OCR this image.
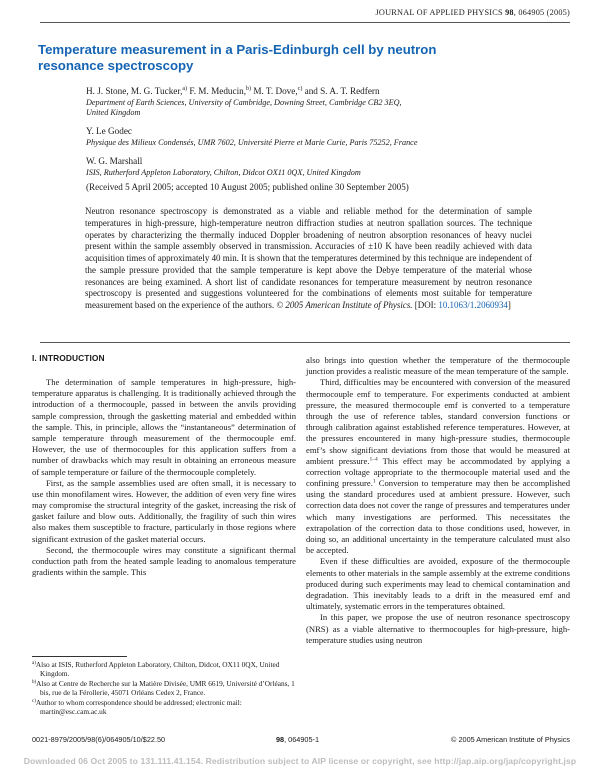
JOURNAL OF APPLIED PHYSICS 98, 064905 (2005)
Temperature measurement in a Paris-Edinburgh cell by neutron
resonance spectroscopy
H. J. Stone, M. G. Tucker,$^{a)}$ F. M. Meducin,$^{b)}$ M. T. Dove,$^{c)}$ and S. A. T. Redfern
Department of Earth Sciences, University of Cambridge, Downing Street, Cambridge CB2 3EQ,
United Kingdom
Y. Le Godec
Physique des Milieux Condensés, UMR 7602, Université Pierre et Marie Curie, Paris 75252, France
W. G. Marshall
ISIS, Rutherford Appleton Laboratory, Chilton, Didcot OX11 0QX, United Kingdom
(Received 5 April 2005; accepted 10 August 2005; published online 30 September 2005)
Neutron resonance spectroscopy is demonstrated as a viable and reliable method for the determination of sample temperatures in high-pressure, high-temperature neutron diffraction studies at neutron spallation sources. The technique operates by characterizing the thermally induced Doppler broadening of neutron absorption resonances of heavy nuclei present within the sample assembly observed in transmission. Accuracies of ±10 K have been readily achieved with data acquisition times of approximately 40 min. It is shown that the temperatures determined by this technique are independent of the sample pressure provided that the sample temperature is kept above the Debye temperature of the material whose resonances are being examined. A short list of candidate resonances for temperature measurement by neutron resonance spectroscopy is presented and suggestions volunteered for the combinations of elements most suitable for temperature measurement based on the experience of the authors. © 2005 American Institute of Physics. [DOI: 10.1063/1.2060934]
I. INTRODUCTION

The determination of sample temperatures in high-pressure, high-temperature apparatus is challenging. It is traditionally achieved through the introduction of a thermocouple, passed in between the anvils providing sample compression, through the gasketting material and embedded within the sample. This, in principle, allows the “instantaneous” determination of sample temperature through measurement of the thermocouple emf. However, the use of thermocouples for this application suffers from a number of drawbacks which may result in obtaining an erroneous measure of sample temperature or failure of the thermocouple completely.

First, as the sample assemblies used are often small, it is necessary to use thin monofilament wires. However, the addition of even very fine wires may compromise the structural integrity of the gasket, increasing the risk of gasket failure and blow outs. Additionally, the fragility of such thin wires also makes them susceptible to fracture, particularly in those regions where significant extrusion of the gasket material occurs.

Second, the thermocouple wires may constitute a significant thermal conduction path from the heated sample leading to anomalous temperature gradients within the sample. This

also brings into question whether the temperature of the thermocouple junction provides a realistic measure of the mean temperature of the sample.

Third, difficulties may be encountered with conversion of the measured thermocouple emf to temperature. For experiments conducted at ambient pressure, the measured thermocouple emf is converted to a temperature through the use of reference tables, standard conversion functions or through calibration against established reference temperatures. However, at the pressures encountered in many high-pressure studies, thermocouple emf’s show significant deviations from those that would be measured at ambient pressure.$^{1-4}$ This effect may be accommodated by applying a correction voltage appropriate to the thermocouple material used and the confining pressure.$^1$ Conversion to temperature may then be accomplished using the standard procedures used at ambient pressure. However, such correction data does not cover the range of pressures and temperatures under which many investigations are performed. This necessitates the extrapolation of the correction data to those conditions used, however, in doing so, an additional uncertainty in the temperature calculated must also be accepted.

Even if these difficulties are avoided, exposure of the thermocouple elements to other materials in the sample assembly at the extreme conditions produced during such experiments may lead to chemical contamination and degradation. This inevitably leads to a drift in the measured emf and ultimately, systematic errors in the temperatures obtained.

In this paper, we propose the use of neutron resonance spectroscopy (NRS) as a viable alternative to thermocouples for high-pressure, high-temperature studies using neutron

$^{a)}$Also at ISIS, Rutherford Appleton Laboratory, Chilton, Didcot, OX11 0QX, United Kingdom.

$^{b)}$Also at Centre de Recherche sur la Matière Divisée, UMR 6619, Université d’Orléans, 1 bis, rue de la Férollerie, 45071 Orléans Cedex 2, France.

$^{c)}$Author to whom correspondence should be addressed; electronic mail: martin@esc.cam.ac.uk

0021-8979/2005/98(6)/064905/10/$22.50	98, 064905-1	© 2005 American Institute of Physics
Downloaded 06 Oct 2005 to 131.111.41.154. Redistribution subject to AIP license or copyright, see http://jap.aip.org/jap/copyright.jsp
